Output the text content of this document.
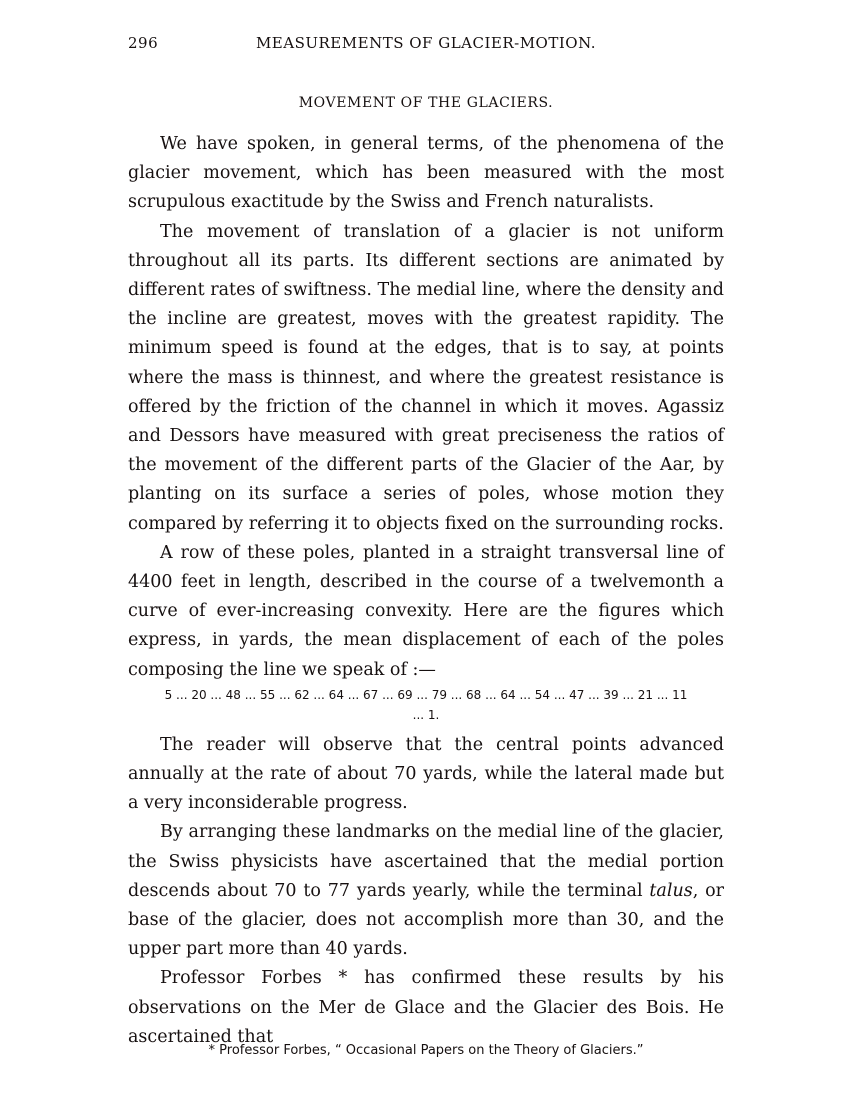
296	MEASUREMENTS OF GLACIER-MOTION.
MOVEMENT OF THE GLACIERS.

We have spoken, in general terms, of the phenomena of the glacier movement, which has been measured with the most scrupulous exactitude by the Swiss and French naturalists.

The movement of translation of a glacier is not uniform throughout all its parts. Its different sections are animated by different rates of swiftness. The medial line, where the density and the incline are greatest, moves with the greatest rapidity. The minimum speed is found at the edges, that is to say, at points where the mass is thinnest, and where the greatest resistance is offered by the friction of the channel in which it moves. Agassiz and Dessors have measured with great preciseness the ratios of the movement of the different parts of the Glacier of the Aar, by planting on its surface a series of poles, whose motion they compared by referring it to objects fixed on the surrounding rocks.

A row of these poles, planted in a straight transversal line of 4400 feet in length, described in the course of a twelvemonth a curve of ever-increasing convexity. Here are the figures which express, in yards, the mean displacement of each of the poles composing the line we speak of :—

5 ... 20 ... 48 ... 55 ... 62 ... 64 ... 67 ... 69 ... 79 ... 68 ... 64 ... 54 ... 47 ... 39 ... 21 ... 11 ... 1.

The reader will observe that the central points advanced annually at the rate of about 70 yards, while the lateral made but a very inconsiderable progress.

By arranging these landmarks on the medial line of the glacier, the Swiss physicists have ascertained that the medial portion descends about 70 to 77 yards yearly, while the terminal talus, or base of the glacier, does not accomplish more than 30, and the upper part more than 40 yards.

Professor Forbes * has confirmed these results by his observations on the Mer de Glace and the Glacier des Bois. He ascertained that

* Professor Forbes, “ Occasional Papers on the Theory of Glaciers.”
